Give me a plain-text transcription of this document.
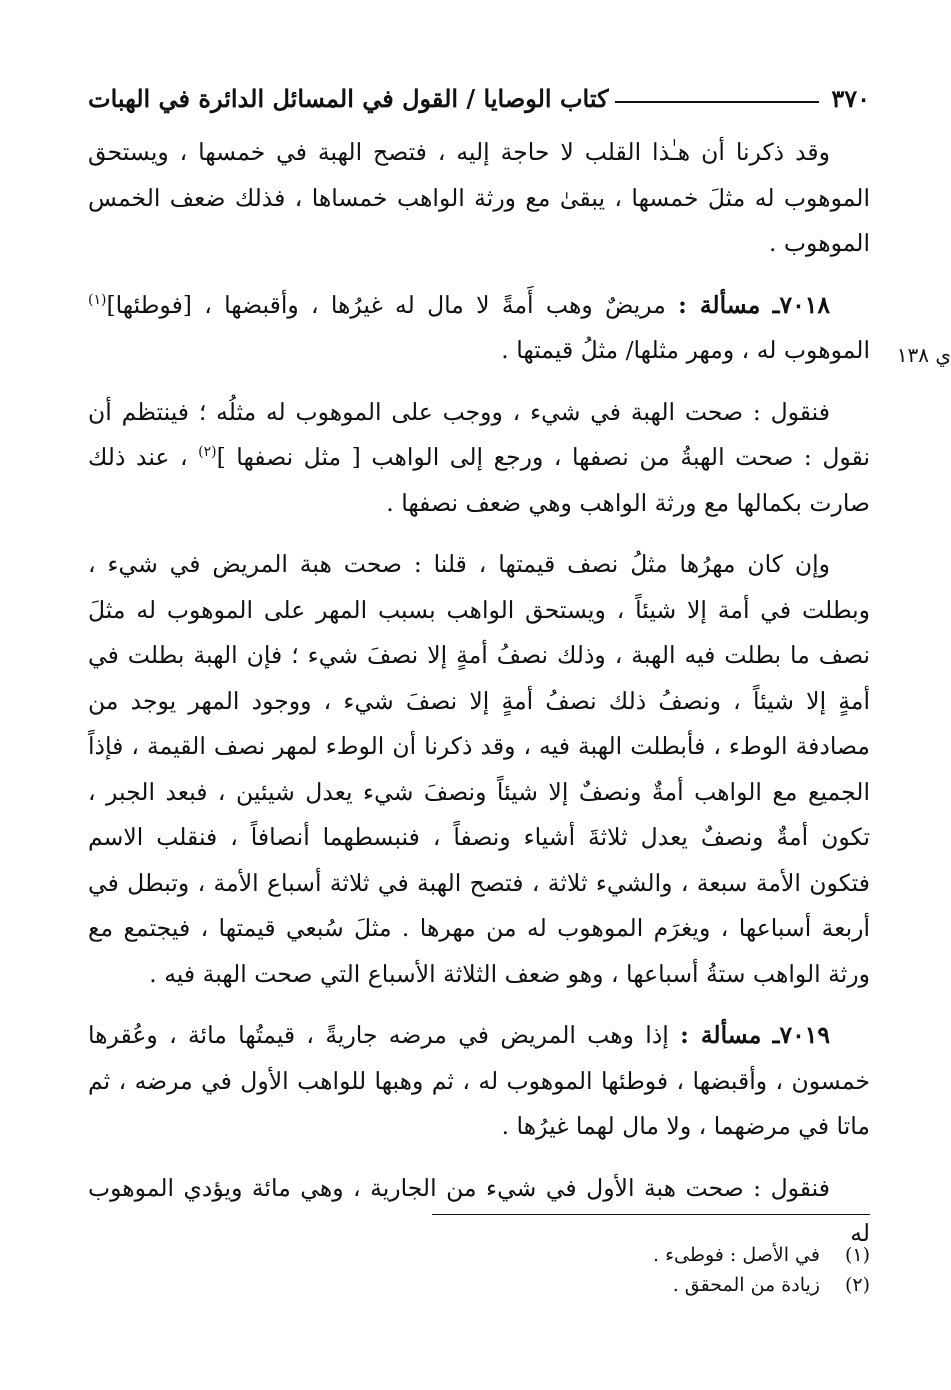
٣٧٠
كتاب الوصايا / القول في المسائل الدائرة في الهبات
ي ١٣٨

وقد ذكرنا أن هـٰذا القلب لا حاجة إليه ، فتصح الهبة في خمسها ، ويستحق الموهوب له مثلَ خمسها ، يبقىٰ مع ورثة الواهب خمساها ، فذلك ضعف الخمس الموهوب .

٧٠١٨ـ مسألة : مريضٌ وهب أَمةً لا مال له غيرُها ، وأقبضها ، [فوطئها]$^{(١)}$ الموهوب له ، ومهر مثلها/ مثلُ قيمتها .

فنقول : صحت الهبة في شيء ، ووجب على الموهوب له مثلُه ؛ فينتظم أن نقول : صحت الهبةُ من نصفها ، ورجع إلى الواهب [ مثل نصفها ]$^{(٢)}$ ، عند ذلك صارت بكمالها مع ورثة الواهب وهي ضعف نصفها .

وإن كان مهرُها مثلُ نصف قيمتها ، قلنا : صحت هبة المريض في شيء ، وبطلت في أمة إلا شيئاً ، ويستحق الواهب بسبب المهر على الموهوب له مثلَ نصف ما بطلت فيه الهبة ، وذلك نصفُ أمةٍ إلا نصفَ شيء ؛ فإن الهبة بطلت في أمةٍ إلا شيئاً ، ونصفُ ذلك نصفُ أمةٍ إلا نصفَ شيء ، ووجود المهر يوجد من مصادفة الوطء ، فأبطلت الهبة فيه ، وقد ذكرنا أن الوطء لمهر نصف القيمة ، فإذاً الجميع مع الواهب أمةٌ ونصفٌ إلا شيئاً ونصفَ شيء يعدل شيئين ، فبعد الجبر ، تكون أمةٌ ونصفٌ يعدل ثلاثةَ أشياء ونصفاً ، فنبسطهما أنصافاً ، فنقلب الاسم فتكون الأمة سبعة ، والشيء ثلاثة ، فتصح الهبة في ثلاثة أسباع الأمة ، وتبطل في أربعة أسباعها ، ويغرَم الموهوب له من مهرها . مثلَ سُبعي قيمتها ، فيجتمع مع ورثة الواهب ستةُ أسباعها ، وهو ضعف الثلاثة الأسباع التي صحت الهبة فيه .

٧٠١٩ـ مسألة : إذا وهب المريض في مرضه جاريةً ، قيمتُها مائة ، وعُقرها خمسون ، وأقبضها ، فوطئها الموهوب له ، ثم وهبها للواهب الأول في مرضه ، ثم ماتا في مرضهما ، ولا مال لهما غيرُها .

فنقول : صحت هبة الأول في شيء من الجارية ، وهي مائة ويؤدي الموهوب له

(١) في الأصل : فوطىء .
(٢) زيادة من المحقق .
